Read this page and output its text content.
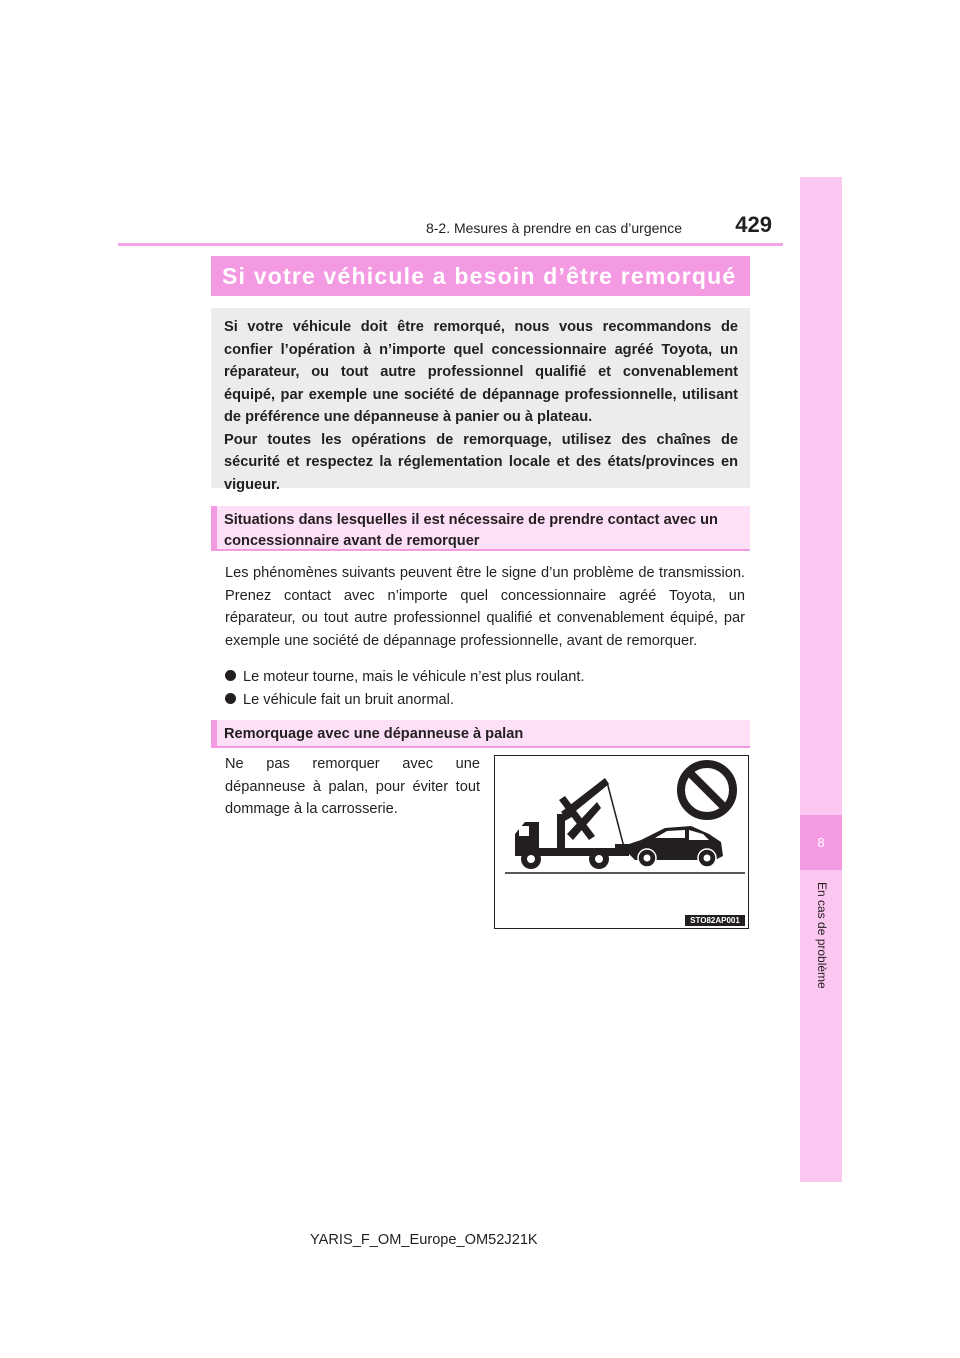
8-2. Mesures à prendre en cas d’urgence	429
8
En cas de problème
Si votre véhicule a besoin d’être remorqué

Si votre véhicule doit être remorqué, nous vous recommandons de confier l’opération à n’importe quel concessionnaire agréé Toyota, un réparateur, ou tout autre professionnel qualifié et convenablement équipé, par exemple une société de dépannage professionnelle, utilisant de préférence une dépanneuse à panier ou à plateau.

Pour toutes les opérations de remorquage, utilisez des chaînes de sécurité et respectez la réglementation locale et des états/provinces en vigueur.

Situations dans lesquelles il est nécessaire de prendre contact avec un concessionnaire avant de remorquer

Les phénomènes suivants peuvent être le signe d’un problème de transmission. Prenez contact avec n’importe quel concessionnaire agréé Toyota, un réparateur, ou tout autre professionnel qualifié et convenablement équipé, par exemple une société de dépannage professionnelle, avant de remorquer.

Le moteur tourne, mais le véhicule n’est plus roulant.
Le véhicule fait un bruit anormal.
Remorquage avec une dépanneuse à palan

Ne pas remorquer avec une dépanneuse à palan, pour éviter tout dommage à la carrosserie.

STO82AP001
YARIS_F_OM_Europe_OM52J21K
